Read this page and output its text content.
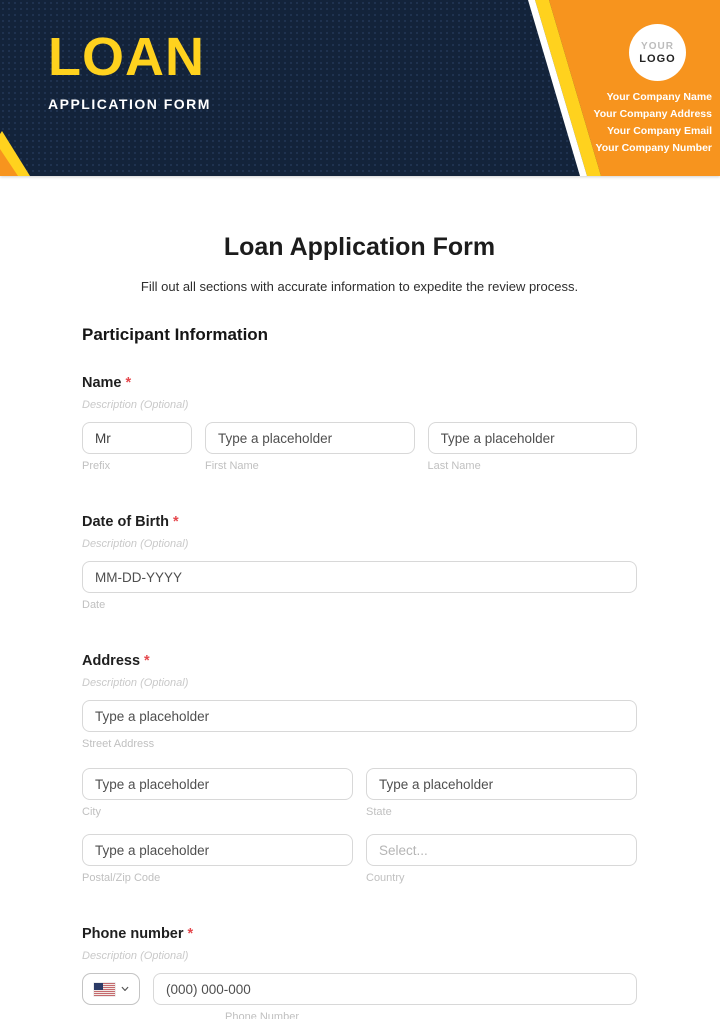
LOAN
APPLICATION FORM
YOUR
LOGO
Your Company Name
Your Company Address
Your Company Email
Your Company Number
Loan Application Form
Fill out all sections with accurate information to expedite the review process.
Participant Information
Name *
Description (Optional)
Mr
Prefix
Type a placeholder	First Name
Type a placeholder	Last Name
Date of Birth *
Description (Optional)
MM-DD-YYYY
Date
Address *
Description (Optional)
Type a placeholder
Street Address
Type a placeholder
City
Type a placeholder	State
Type a placeholder
Postal/Zip Code
Select...	Country
Phone number *
Description (Optional)
(000) 000-000
Phone Number
